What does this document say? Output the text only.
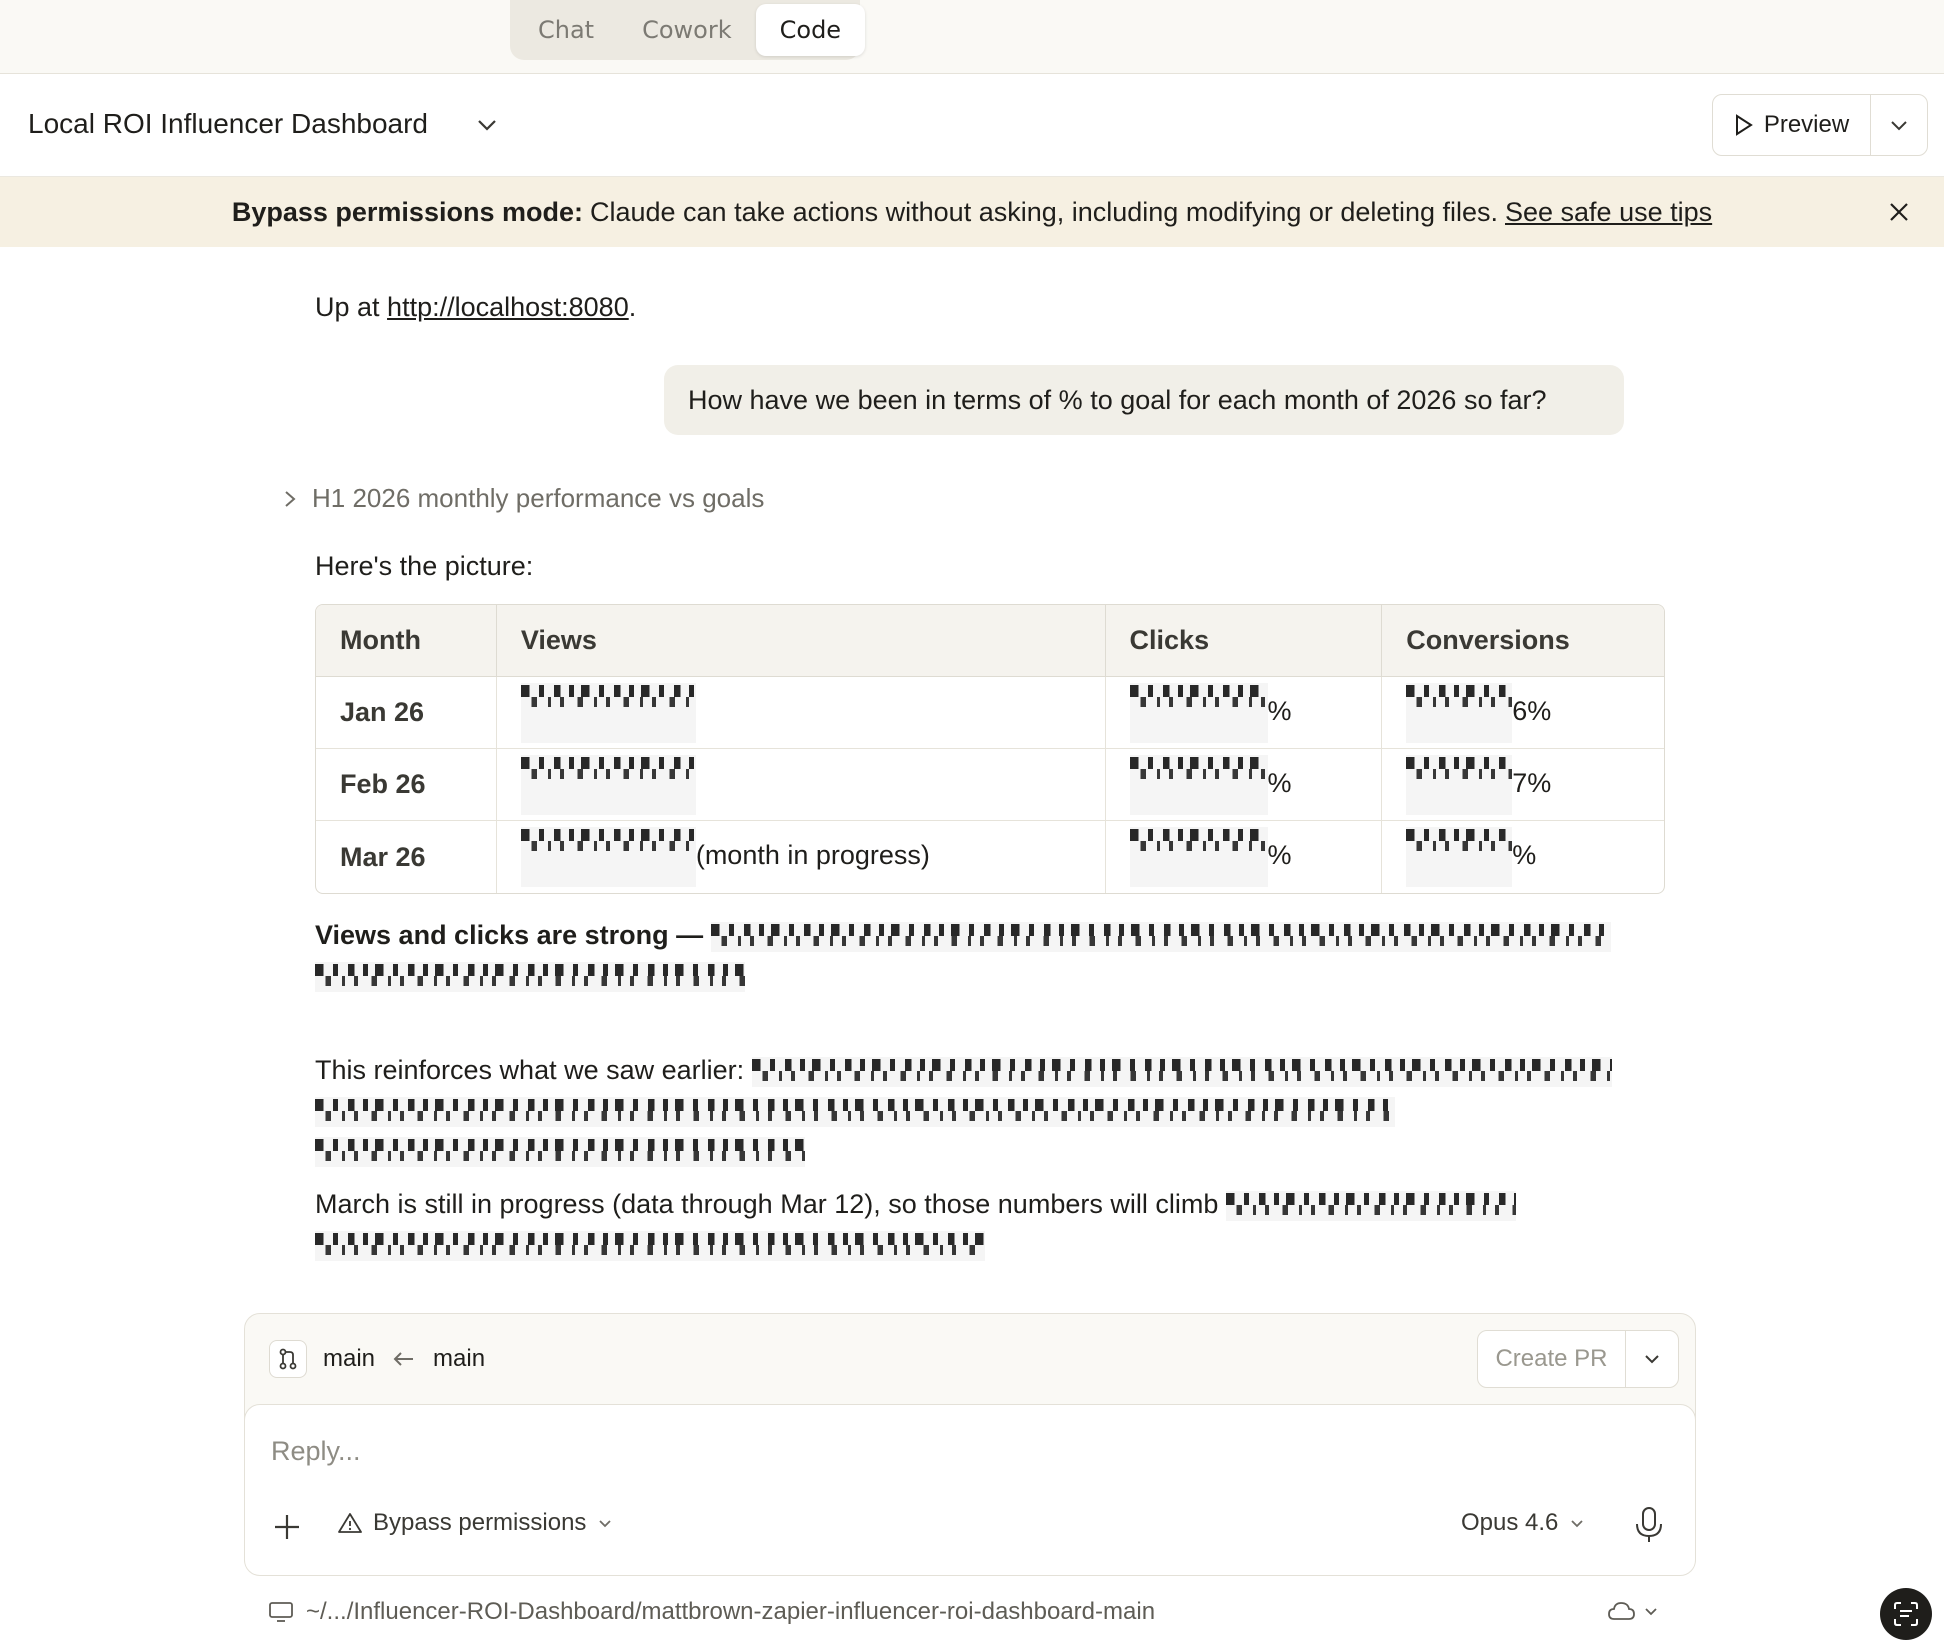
Chat	Cowork	Code
Local ROI Influencer Dashboard	Preview
Bypass permissions mode: Claude can take actions without asking, including modifying or deleting files. See safe use tips
Up at http://localhost:8080.
How have we been in terms of % to goal for each month of 2026 so far?
H1 2026 monthly performance vs goals
Here's the picture:
Month	Views	Clicks	Conversions
Jan 26		%	6%
Feb 26		%	7%
Mar 26	(month in progress)	%	%
Views and clicks are strong —
This reinforces what we saw earlier:
March is still in progress (data through Mar 12), so those numbers will climb
main main	Create PR
Reply...
Bypass permissions	Opus 4.6
~/.../Influencer-ROI-Dashboard/mattbrown-zapier-influencer-roi-dashboard-main
